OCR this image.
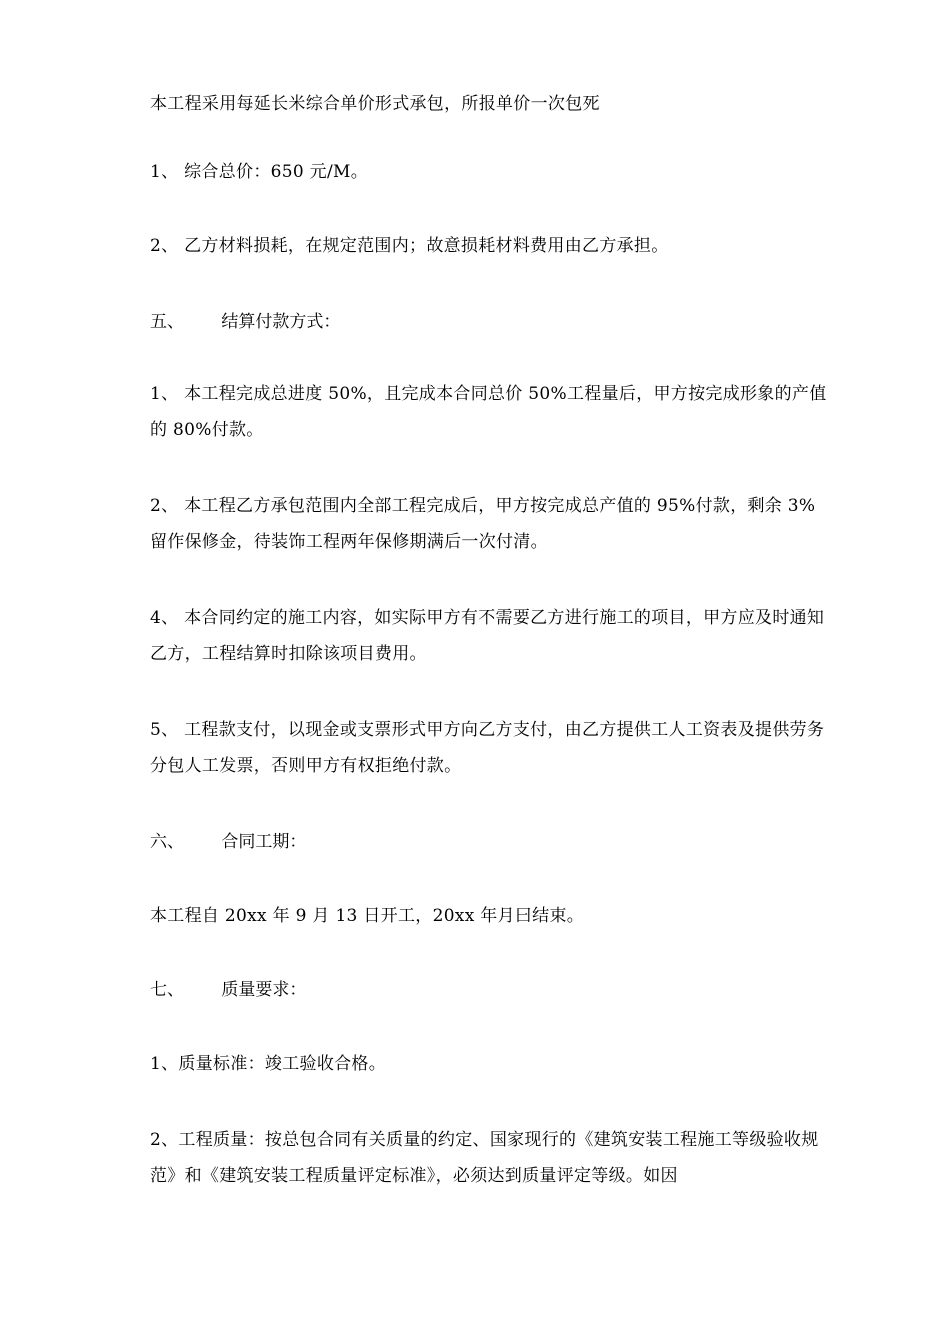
本工程采用每延长米综合单价形式承包，所报单价一次包死

1、 综合总价：650 元/M。

2、 乙方材料损耗，在规定范围内；故意损耗材料费用由乙方承担。

五、 结算付款方式：

1、 本工程完成总进度 50%，且完成本合同总价 50%工程量后，甲方按完成形象的产值的 80%付款。

2、 本工程乙方承包范围内全部工程完成后，甲方按完成总产值的 95%付款，剩余 3%留作保修金，待装饰工程两年保修期满后一次付清。

4、 本合同约定的施工内容，如实际甲方有不需要乙方进行施工的项目，甲方应及时通知乙方，工程结算时扣除该项目费用。

5、 工程款支付，以现金或支票形式甲方向乙方支付，由乙方提供工人工资表及提供劳务分包人工发票，否则甲方有权拒绝付款。

六、 合同工期：

本工程自 20xx 年 9 月 13 日开工，20xx 年月曰结束。

七、 质量要求：

1、质量标准：竣工验收合格。

2、工程质量：按总包合同有关质量的约定、国家现行的《建筑安装工程施工等级验收规范》和《建筑安装工程质量评定标准》，必须达到质量评定等级。如因
